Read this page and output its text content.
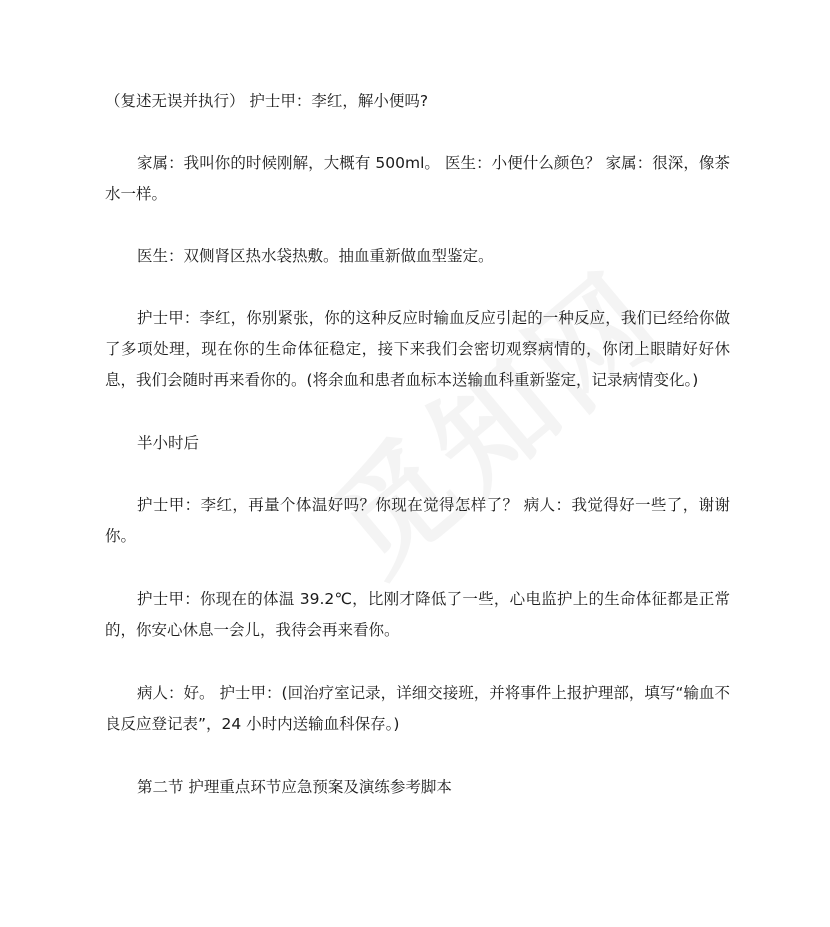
（复述无误并执行） 护士甲：李红，解小便吗?

家属：我叫你的时候刚解，大概有 500ml。 医生：小便什么颜色？ 家属：很深，像茶水一样。

医生：双侧肾区热水袋热敷。抽血重新做血型鉴定。

护士甲：李红，你别紧张，你的这种反应时输血反应引起的一种反应，我们已经给你做了多项处理，现在你的生命体征稳定，接下来我们会密切观察病情的，你闭上眼睛好好休息，我们会随时再来看你的。(将余血和患者血标本送输血科重新鉴定，记录病情变化。)

半小时后

护士甲：李红，再量个体温好吗？你现在觉得怎样了？ 病人：我觉得好一些了，谢谢你。

护士甲：你现在的体温 39.2℃，比刚才降低了一些，心电监护上的生命体征都是正常的，你安心休息一会儿，我待会再来看你。

病人：好。 护士甲：(回治疗室记录，详细交接班，并将事件上报护理部，填写“输血不良反应登记表”，24 小时内送输血科保存。)

第二节 护理重点环节应急预案及演练参考脚本
